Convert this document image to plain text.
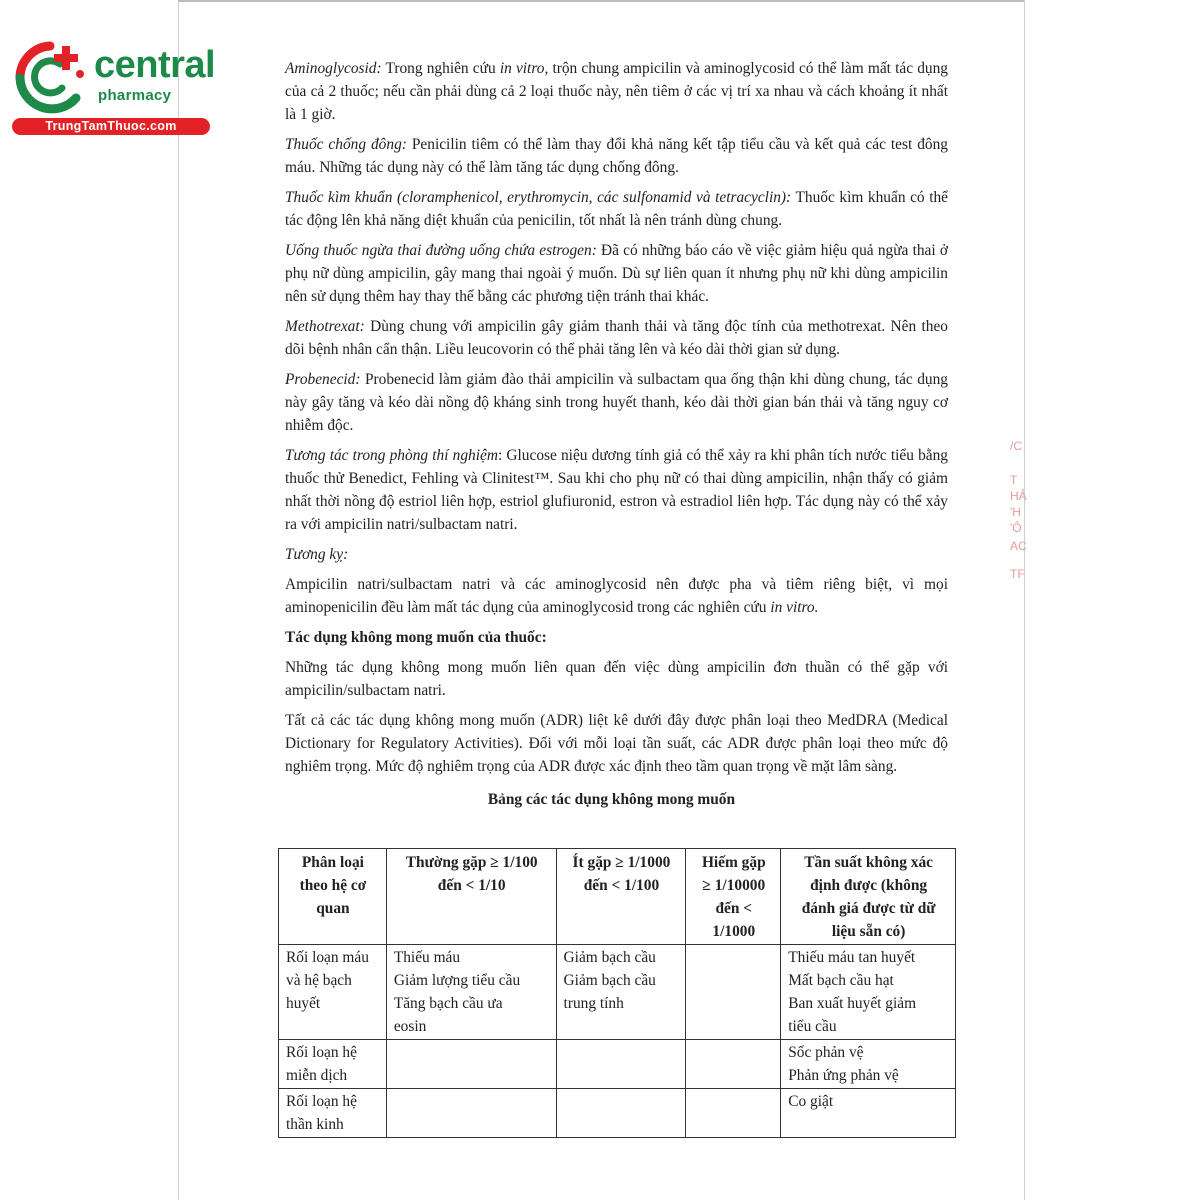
central
pharmacy
TrungTamThuoc.com
/C
T
HẢ
'H
'Ô
AC
TF

Aminoglycosid: Trong nghiên cứu in vitro, trộn chung ampicilin và aminoglycosid có thể làm mất tác dụng của cả 2 thuốc; nếu cần phải dùng cả 2 loại thuốc này, nên tiêm ở các vị trí xa nhau và cách khoảng ít nhất là 1 giờ.

Thuốc chống đông: Penicilin tiêm có thể làm thay đổi khả năng kết tập tiểu cầu và kết quả các test đông máu. Những tác dụng này có thể làm tăng tác dụng chống đông.

Thuốc kìm khuẩn (cloramphenicol, erythromycin, các sulfonamid và tetracyclin): Thuốc kìm khuẩn có thể tác động lên khả năng diệt khuẩn của penicilin, tốt nhất là nên tránh dùng chung.

Uống thuốc ngừa thai đường uống chứa estrogen: Đã có những báo cáo về việc giảm hiệu quả ngừa thai ở phụ nữ dùng ampicilin, gây mang thai ngoài ý muốn. Dù sự liên quan ít nhưng phụ nữ khi dùng ampicilin nên sử dụng thêm hay thay thế bằng các phương tiện tránh thai khác.

Methotrexat: Dùng chung với ampicilin gây giảm thanh thải và tăng độc tính của methotrexat. Nên theo dõi bệnh nhân cẩn thận. Liều leucovorin có thể phải tăng lên và kéo dài thời gian sử dụng.

Probenecid: Probenecid làm giảm đào thải ampicilin và sulbactam qua ống thận khi dùng chung, tác dụng này gây tăng và kéo dài nồng độ kháng sinh trong huyết thanh, kéo dài thời gian bán thải và tăng nguy cơ nhiễm độc.

Tương tác trong phòng thí nghiệm: Glucose niệu dương tính giả có thể xảy ra khi phân tích nước tiểu bằng thuốc thử Benedict, Fehling và Clinitest™. Sau khi cho phụ nữ có thai dùng ampicilin, nhận thấy có giảm nhất thời nồng độ estriol liên hợp, estriol glufiuronid, estron và estradiol liên hợp. Tác dụng này có thể xảy ra với ampicilin natri/sulbactam natri.

Tương kỵ:

Ampicilin natri/sulbactam natri và các aminoglycosid nên được pha và tiêm riêng biệt, vì mọi aminopenicilin đều làm mất tác dụng của aminoglycosid trong các nghiên cứu in vitro.

Tác dụng không mong muốn của thuốc:

Những tác dụng không mong muốn liên quan đến việc dùng ampicilin đơn thuần có thể gặp với ampicilin/sulbactam natri.

Tất cả các tác dụng không mong muốn (ADR) liệt kê dưới đây được phân loại theo MedDRA (Medical Dictionary for Regulatory Activities). Đối với mỗi loại tần suất, các ADR được phân loại theo mức độ nghiêm trọng. Mức độ nghiêm trọng của ADR được xác định theo tầm quan trọng về mặt lâm sàng.

Bảng các tác dụng không mong muốn
Phân loại
theo hệ cơ
quan	Thường gặp ≥ 1/100
đến < 1/10	Ít gặp ≥ 1/1000
đến < 1/100	Hiếm gặp
≥ 1/10000
đến <
1/1000	Tần suất không xác
định được (không
đánh giá được từ dữ
liệu sẵn có)

Rối loạn máu
và hệ bạch
huyết	Thiếu máu
Giảm lượng tiểu cầu
Tăng bạch cầu ưa
eosin	Giảm bạch cầu
Giảm bạch cầu
trung tính		Thiếu máu tan huyết
Mất bạch cầu hạt
Ban xuất huyết giảm
tiểu cầu

Rối loạn hệ
miễn dịch				Sốc phản vệ
Phản ứng phản vệ

Rối loạn hệ
thần kinh				Co giật
